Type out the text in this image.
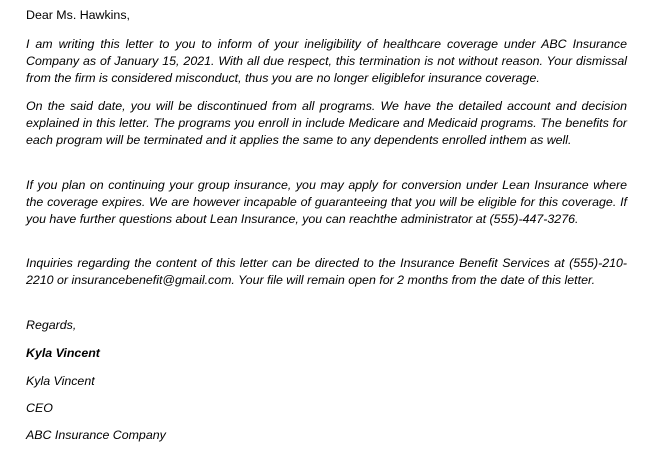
Dear Ms. Hawkins,

I am writing this letter to you to inform of your ineligibility of healthcare coverage under ABC Insurance Company as of January 15, 2021. With all due respect, this termination is not without reason. Your dismissal from the firm is considered misconduct, thus you are no longer eligiblefor insurance coverage.

On the said date, you will be discontinued from all programs. We have the detailed account and decision explained in this letter. The programs you enroll in include Medicare and Medicaid programs. The benefits for each program will be terminated and it applies the same to any dependents enrolled inthem as well.

If you plan on continuing your group insurance, you may apply for conversion under Lean Insurance where the coverage expires. We are however incapable of guaranteeing that you will be eligible for this coverage. If you have further questions about Lean Insurance, you can reachthe administrator at (555)-447-3276.

Inquiries regarding the content of this letter can be directed to the Insurance Benefit Services at (555)-210-2210 or insurancebenefit@gmail.com. Your file will remain open for 2 months from the date of this letter.

Regards,

Kyla Vincent

Kyla Vincent

CEO

ABC Insurance Company
